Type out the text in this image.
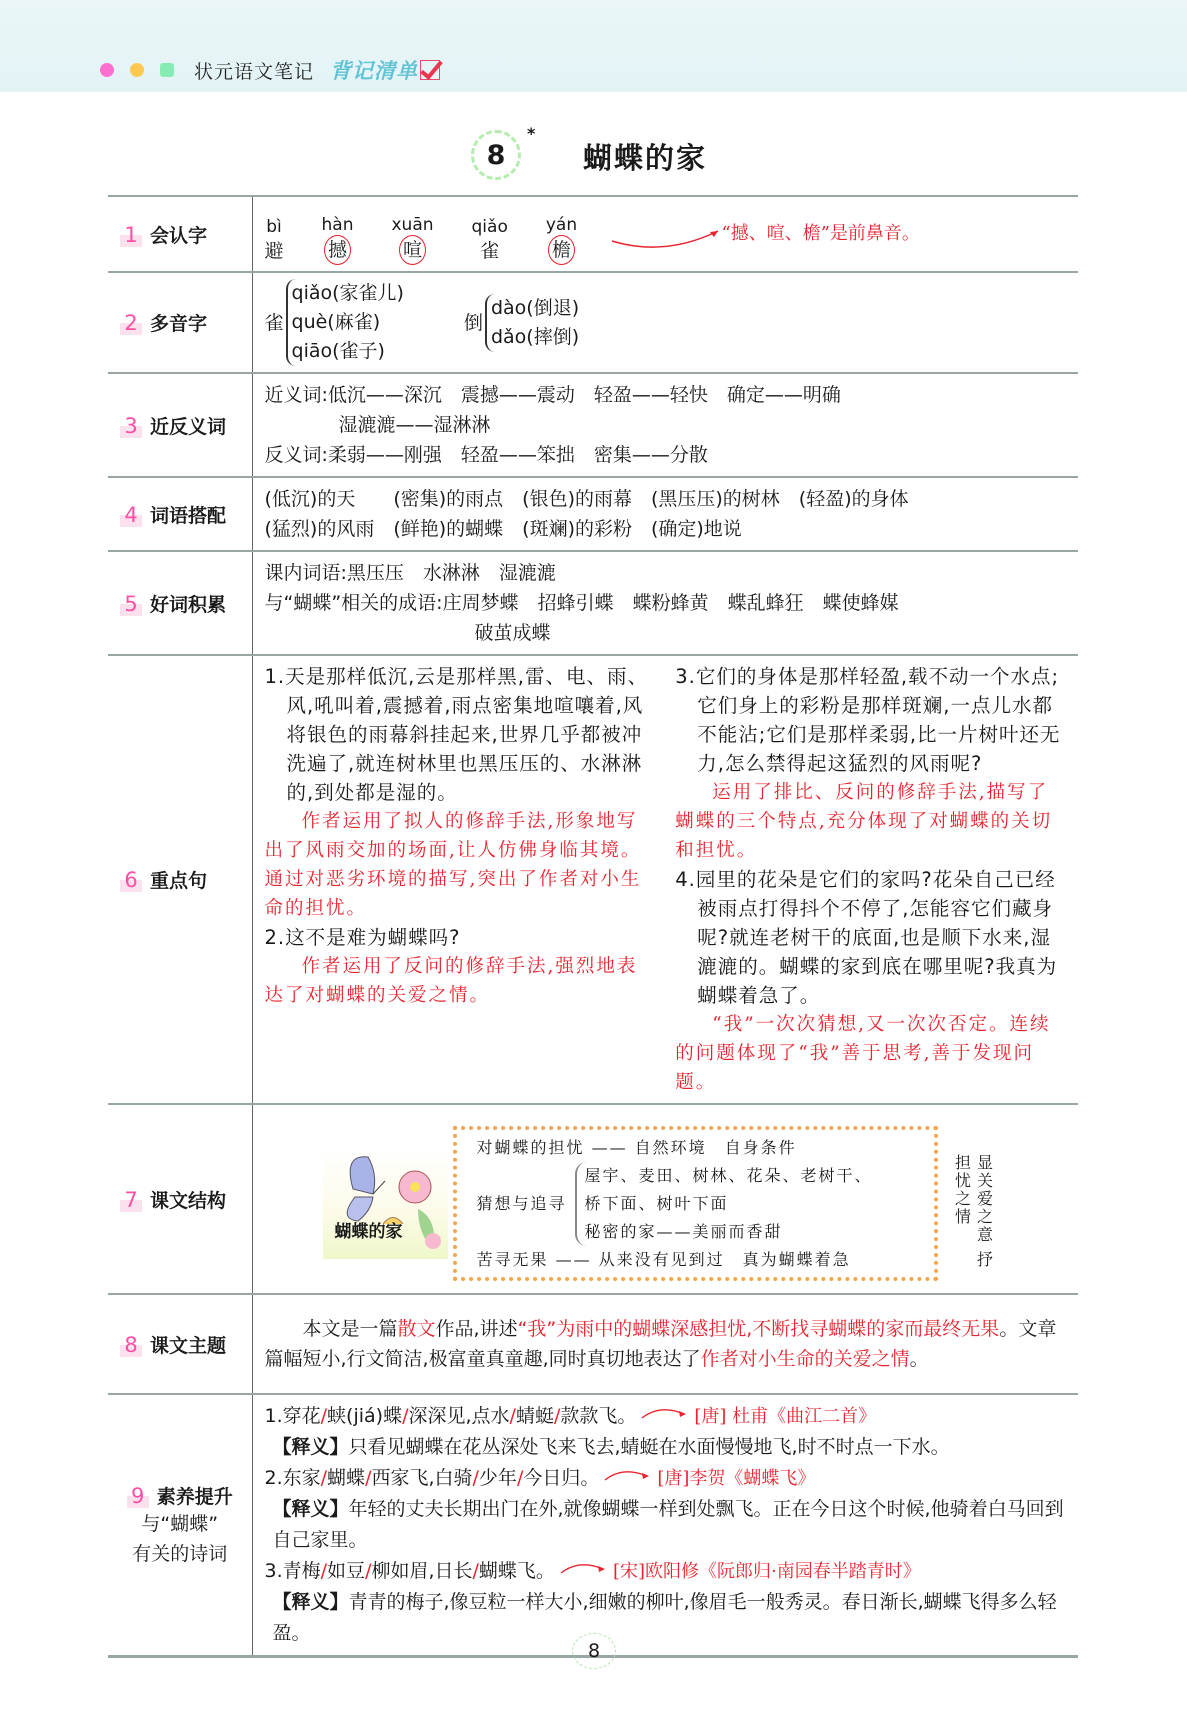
状元语文笔记 背记清单
8
*
蝴蝶的家
1 会认字	bì
避
hàn
撼
xuān
喧
qiǎo
雀
yán
檐
“撼、喧、檐”是前鼻音。

2 多音字	雀
qiǎo(家雀儿)
què(麻雀)
qiāo(雀子)
倒
dào(倒退)
dǎo(摔倒)

3 近反义词	近义词:低沉——深沉　震撼——震动　轻盈——轻快　确定——明确
湿漉漉——湿淋淋
反义词:柔弱——刚强　轻盈——笨拙　密集——分散

4 词语搭配	(低沉)的天　　(密集)的雨点　(银色)的雨幕　(黑压压)的树林　(轻盈)的身体
(猛烈)的风雨　(鲜艳)的蝴蝶　(斑斓)的彩粉　(确定)地说

5 好词积累	课内词语:黑压压　水淋淋　湿漉漉
与“蝴蝶”相关的成语:庄周梦蝶　招蜂引蝶　蝶粉蜂黄　蝶乱蜂狂　蝶使蜂媒
破茧成蝶

6 重点句	
1.天是那样低沉,云是那样黑,雷、电、雨、风,吼叫着,震撼着,雨点密集地喧嚷着,风将银色的雨幕斜挂起来,世界几乎都被冲洗遍了,就连树林里也黑压压的、水淋淋的,到处都是湿的。
作者运用了拟人的修辞手法,形象地写出了风雨交加的场面,让人仿佛身临其境。通过对恶劣环境的描写,突出了作者对小生命的担忧。
2.这不是难为蝴蝶吗?
作者运用了反问的修辞手法,强烈地表达了对蝴蝶的关爱之情。
3.它们的身体是那样轻盈,载不动一个水点;它们身上的彩粉是那样斑斓,一点儿水都不能沾;它们是那样柔弱,比一片树叶还无力,怎么禁得起这猛烈的风雨呢?
运用了排比、反问的修辞手法,描写了蝴蝶的三个特点,充分体现了对蝴蝶的关切和担忧。
4.园里的花朵是它们的家吗?花朵自己已经被雨点打得抖个不停了,怎能容它们藏身呢?就连老树干的底面,也是顺下水来,湿漉漉的。蝴蝶的家到底在哪里呢?我真为蝴蝶着急了。
“我”一次次猜想,又一次次否定。连续的问题体现了“我”善于思考,善于发现问题。

7 课文结构	
蝴蝶的家
对蝴蝶的担忧 —— 自然环境　自身条件
猜想与追寻
屋宇、麦田、树林、花朵、老树干、
桥下面、树叶下面
秘密的家——美丽而香甜
苦寻无果 —— 从来没有见到过　真为蝴蝶着急
显关爱之意 抒担忧之情

8 课文主题	本文是一篇散文作品,讲述“我”为雨中的蝴蝶深感担忧,不断找寻蝴蝶的家而最终无果。文章篇幅短小,行文简洁,极富童真童趣,同时真切地表达了作者对小生命的关爱之情。

9 素养提升
与“蝴蝶”
有关的诗词

1.穿花/蛱(jiá)蝶/深深见,点水/蜻蜓/款款飞。	[唐] 杜甫《曲江二首》
【释义】只看见蝴蝶在花丛深处飞来飞去,蜻蜓在水面慢慢地飞,时不时点一下水。
2.东家/蝴蝶/西家飞,白骑/少年/今日归。	[唐]李贺《蝴蝶飞》
【释义】年轻的丈夫长期出门在外,就像蝴蝶一样到处飘飞。正在今日这个时候,他骑着白马回到自己家里。
3.青梅/如豆/柳如眉,日长/蝴蝶飞。	[宋]欧阳修《阮郎归·南园春半踏青时》
【释义】青青的梅子,像豆粒一样大小,细嫩的柳叶,像眉毛一般秀灵。春日渐长,蝴蝶飞得多么轻盈。
8
